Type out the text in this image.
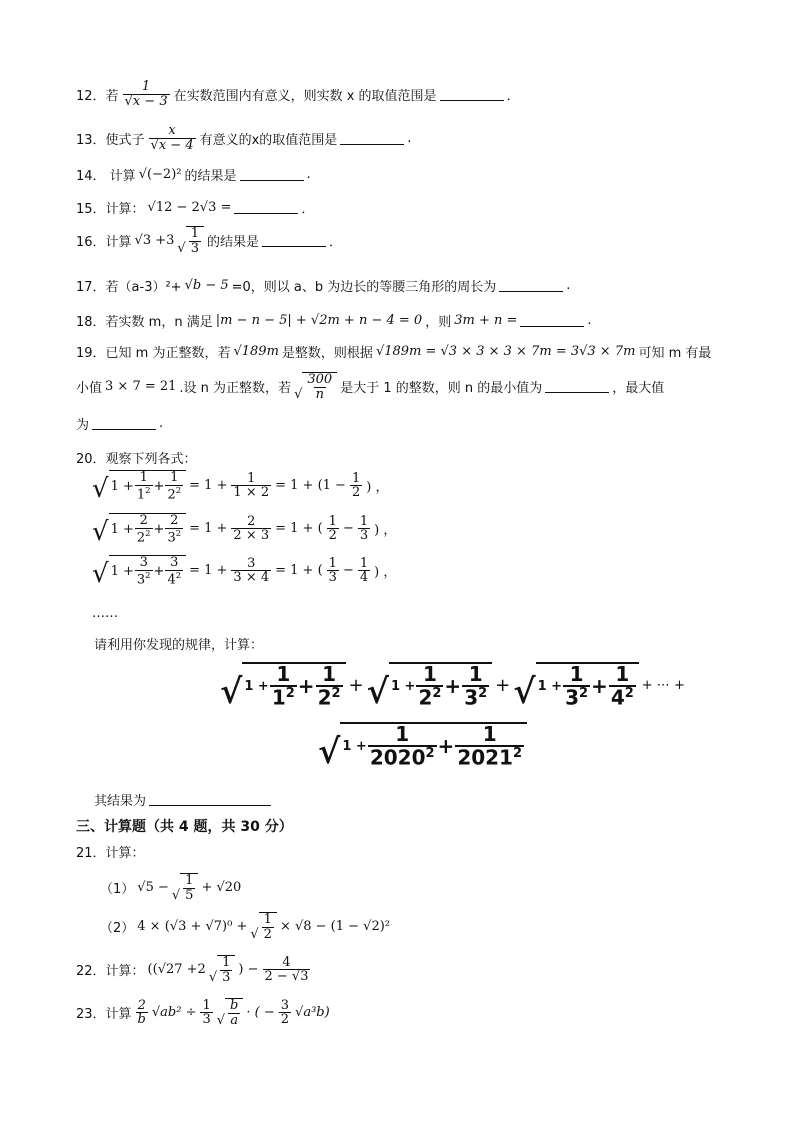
12．若 $\frac{1}{√x - 3}$ 在实数范围内有意义，则实数 x 的取值范围是	．
13．使式子 $\frac{x}{√x - 4}$ 有意义的x的取值范围是	.
14． 计算 √(−2)² 的结果是	.
15．计算： √12 − 2√3 =	．
16．计算 √3 +3
√ $\frac{1}{3}$ 的结果是	．
17．若（a-3）²+ √b − 5 =0，则以 a、b 为边长的等腰三角形的周长为	.
18．若实数 m，n 满足 |m − n − 5| + √2m + n − 4 = 0 ，则 3m + n =	.
19．已知 m 为正整数，若 √189m 是整数，则根据 √189m = √3 × 3 × 3 × 7m = 3√3 × 7m 可知 m 有最
小值 3 × 7 = 21 .设 n 为正整数，若 √ $\frac{300}{n}$ 是大于 1 的整数，则 n 的最小值为	，最大值
为	.
20．观察下列各式：
√ $1 + \frac{1}{1^2} + \frac{1}{2^2} = 1 + \frac{1}{1 \times 2} = 1 + (1 - \frac{1}{2}$ ) ，
√ $1 + \frac{2}{2^2} + \frac{2}{3^2} = 1 + \frac{2}{2 \times 3} = 1$ + ( $\frac{1}{2} - \frac{1}{3}$ ) ，
√ $1 + \frac{3}{3^2} + \frac{3}{4^2} = 1 + \frac{3}{3 \times 4} = 1$ + ( $\frac{1}{3} - \frac{1}{4}$ ) ，
……
请利用你发现的规律，计算：
√ $1 + \frac{1}{1^2} + \frac{1}{2^2}$ + √ $1 + \frac{1}{2^2} + \frac{1}{3^2}$ + √ $1 + \frac{1}{3^2} + \frac{1}{4^2}$ + ⋯ +
√ $1 + \frac{1}{2020^2} + \frac{1}{2021^2}$
其结果为
三、计算题（共 4 题，共 30 分）
21．计算：
（1） √5 −
√ $\frac{1}{5} + √20$
（2） 4 × (√3 + √7)⁰ +
√ $\frac{1}{2} \times √8 - (1 - √2)^2$
22．计算： ((√27 +2
√ $\frac{1}{3}$ ) − $\frac{4}{2 - √3}$
23．计算 $\frac{2}{b} √ab^2 \div \frac{1}{3}$ √ $\frac{b}{a}$ · ( − $\frac{3}{2} √a^3b$)
